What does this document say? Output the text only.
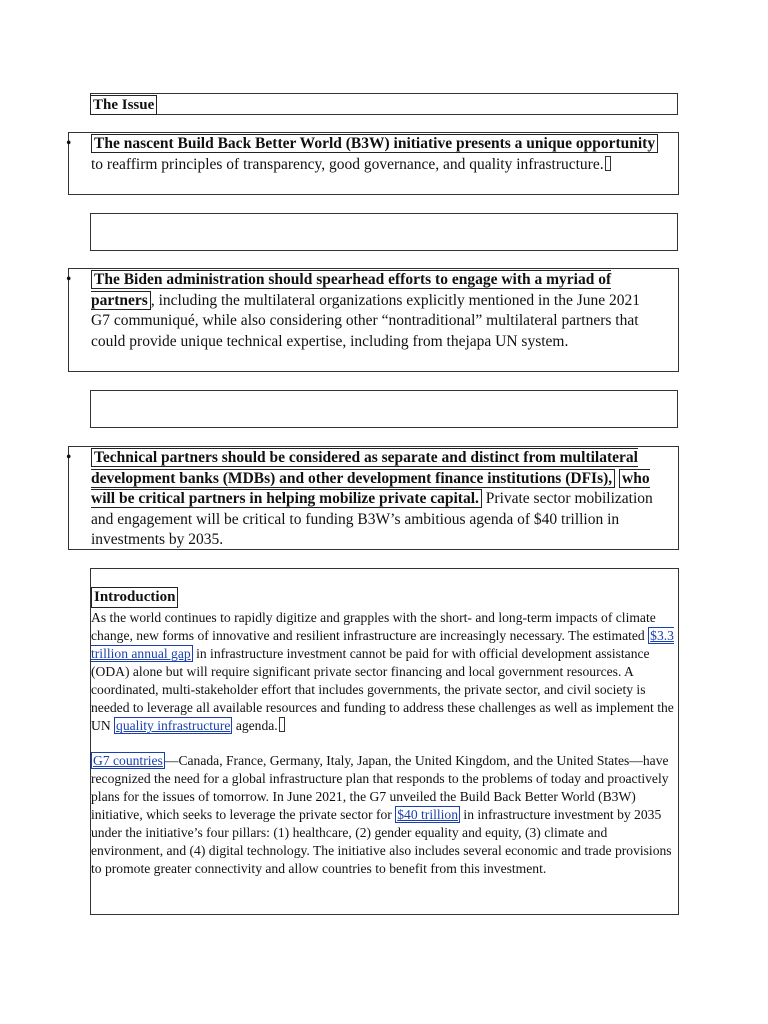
The Issue
• The nascent Build Back Better World (B3W) initiative presents a unique opportunity to reaffirm principles of transparency, good governance, and quality infrastructure.
• The Biden administration should spearhead efforts to engage with a myriad of partners , including the multilateral organizations explicitly mentioned in the June 2021 G7 communiqué, while also considering other “nontraditional” multilateral partners that could provide unique technical expertise, including from thejapa UN system.
• Technical partners should be considered as separate and distinct from multilateral development banks (MDBs) and other development finance institutions (DFIs), who will be critical partners in helping mobilize private capital. Private sector mobilization and engagement will be critical to funding B3W’s ambitious agenda of $40 trillion in investments by 2035.
Introduction

As the world continues to rapidly digitize and grapples with the short- and long-term impacts of climate change, new forms of innovative and resilient infrastructure are increasingly necessary. The estimated $3.3 trillion annual gap in infrastructure investment cannot be paid for with official development assistance (ODA) alone but will require significant private sector financing and local government resources. A coordinated, multi-stakeholder effort that includes governments, the private sector, and civil society is needed to leverage all available resources and funding to address these challenges as well as implement the UN quality infrastructure agenda.

G7 countries —Canada, France, Germany, Italy, Japan, the United Kingdom, and the United States—have recognized the need for a global infrastructure plan that responds to the problems of today and proactively plans for the issues of tomorrow. In June 2021, the G7 unveiled the Build Back Better World (B3W) initiative, which seeks to leverage the private sector for $40 trillion in infrastructure investment by 2035 under the initiative’s four pillars: (1) healthcare, (2) gender equality and equity, (3) climate and environment, and (4) digital technology. The initiative also includes several economic and trade provisions to promote greater connectivity and allow countries to benefit from this investment.
